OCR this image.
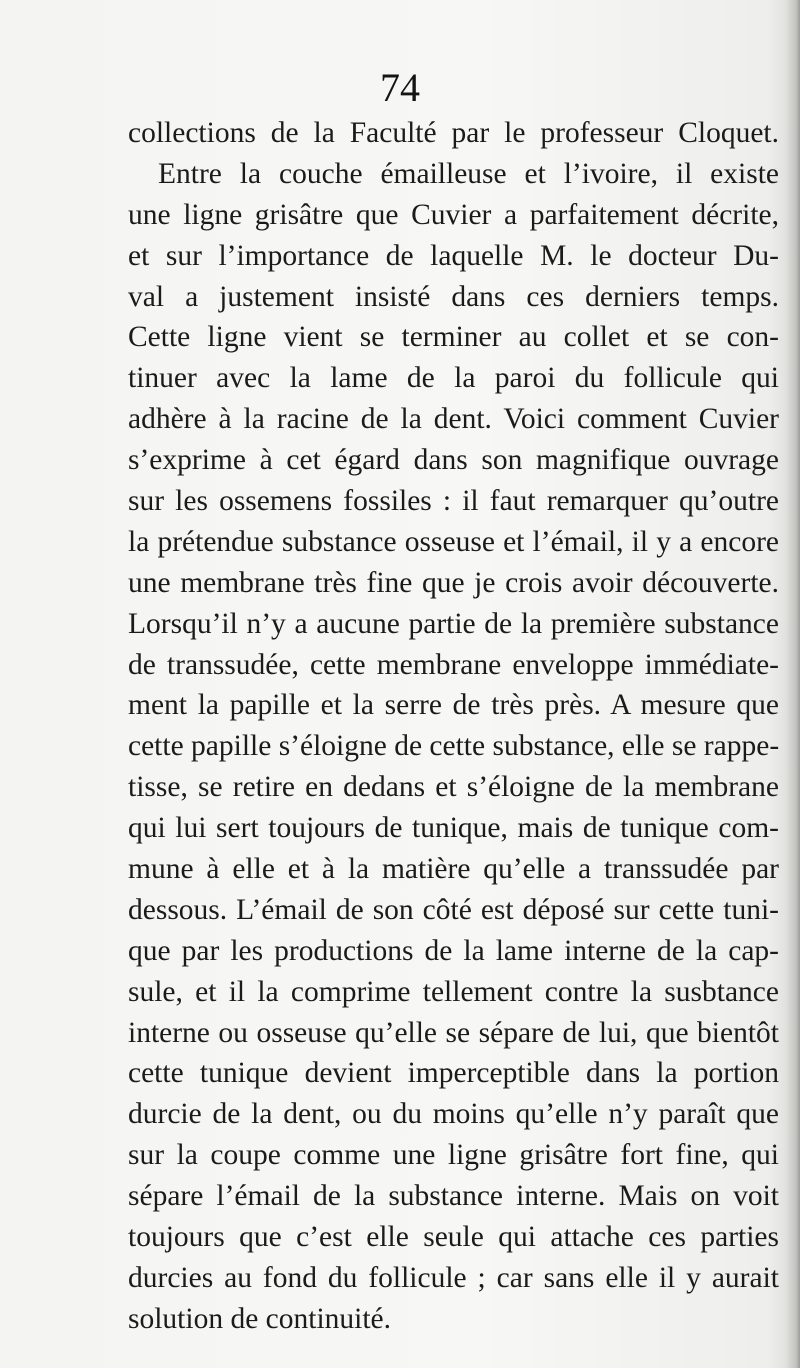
74
collections de la Faculté par le professeur Cloquet.
Entre la couche émailleuse et l’ivoire, il existe
une ligne grisâtre que Cuvier a parfaitement décrite,
et sur l’importance de laquelle M. le docteur Du-
val a justement insisté dans ces derniers temps.
Cette ligne vient se terminer au collet et se con-
tinuer avec la lame de la paroi du follicule qui
adhère à la racine de la dent. Voici comment Cuvier
s’exprime à cet égard dans son magnifique ouvrage
sur les ossemens fossiles : il faut remarquer qu’outre
la prétendue substance osseuse et l’émail, il y a encore
une membrane très fine que je crois avoir découverte.
Lorsqu’il n’y a aucune partie de la première substance
de transsudée, cette membrane enveloppe immédiate-
ment la papille et la serre de très près. A mesure que
cette papille s’éloigne de cette substance, elle se rappe-
tisse, se retire en dedans et s’éloigne de la membrane
qui lui sert toujours de tunique, mais de tunique com-
mune à elle et à la matière qu’elle a transsudée par
dessous. L’émail de son côté est déposé sur cette tuni-
que par les productions de la lame interne de la cap-
sule, et il la comprime tellement contre la susbtance
interne ou osseuse qu’elle se sépare de lui, que bientôt
cette tunique devient imperceptible dans la portion
durcie de la dent, ou du moins qu’elle n’y paraît que
sur la coupe comme une ligne grisâtre fort fine, qui
sépare l’émail de la substance interne. Mais on voit
toujours que c’est elle seule qui attache ces parties
durcies au fond du follicule ; car sans elle il y aurait
solution de continuité.
